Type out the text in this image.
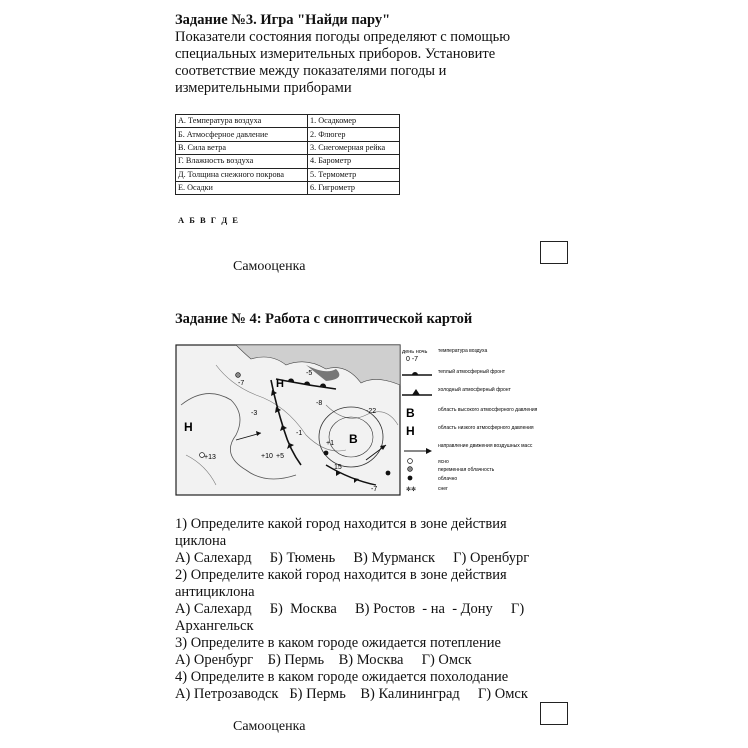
Задание №3. Игра "Найди пару"
Показатели состояния погоды определяют с помощью
специальных измерительных приборов. Установите
соответствие между показателями погоды и
измерительными приборами
А. Температура воздуха	1. Осадкомер
Б. Атмосферное давление	2. Флюгер
В. Сила ветра	3. Снегомерная рейка
Г. Влажность воздуха	4. Барометр
Д. Толщина снежного покрова	5. Термометр
Е. Осадки	6. Гигрометр
А Б В Г Д Е
Самооценка
Задание № 4: Работа с синоптической картой
Н
Н
В
-5
-7
-8
-3
+13	+10 +5
-1
+1
15
-22
-7
день ночь
0 -7
температура воздуха
теплый атмосферный фронт
холодный атмосферный фронт
В	область высокого атмосферного давления
Н	область низкого атмосферного давления
направление движения воздушных масс
ясно
переменная облачность
облачно
✻✻	снег
1) Определите какой город находится в зоне действия
циклона
А) Салехард     Б) Тюмень     В) Мурманск     Г) Оренбург
2) Определите какой город находится в зоне действия
антициклона
А) Салехард     Б)  Москва     В) Ростов  - на  - Дону     Г)
Архангельск
3) Определите в каком городе ожидается потепление
А) Оренбург    Б) Пермь    В) Москва     Г) Омск
4) Определите в каком городе ожидается похолодание
А) Петрозаводск   Б) Пермь    В) Калининград     Г) Омск
Самооценка
